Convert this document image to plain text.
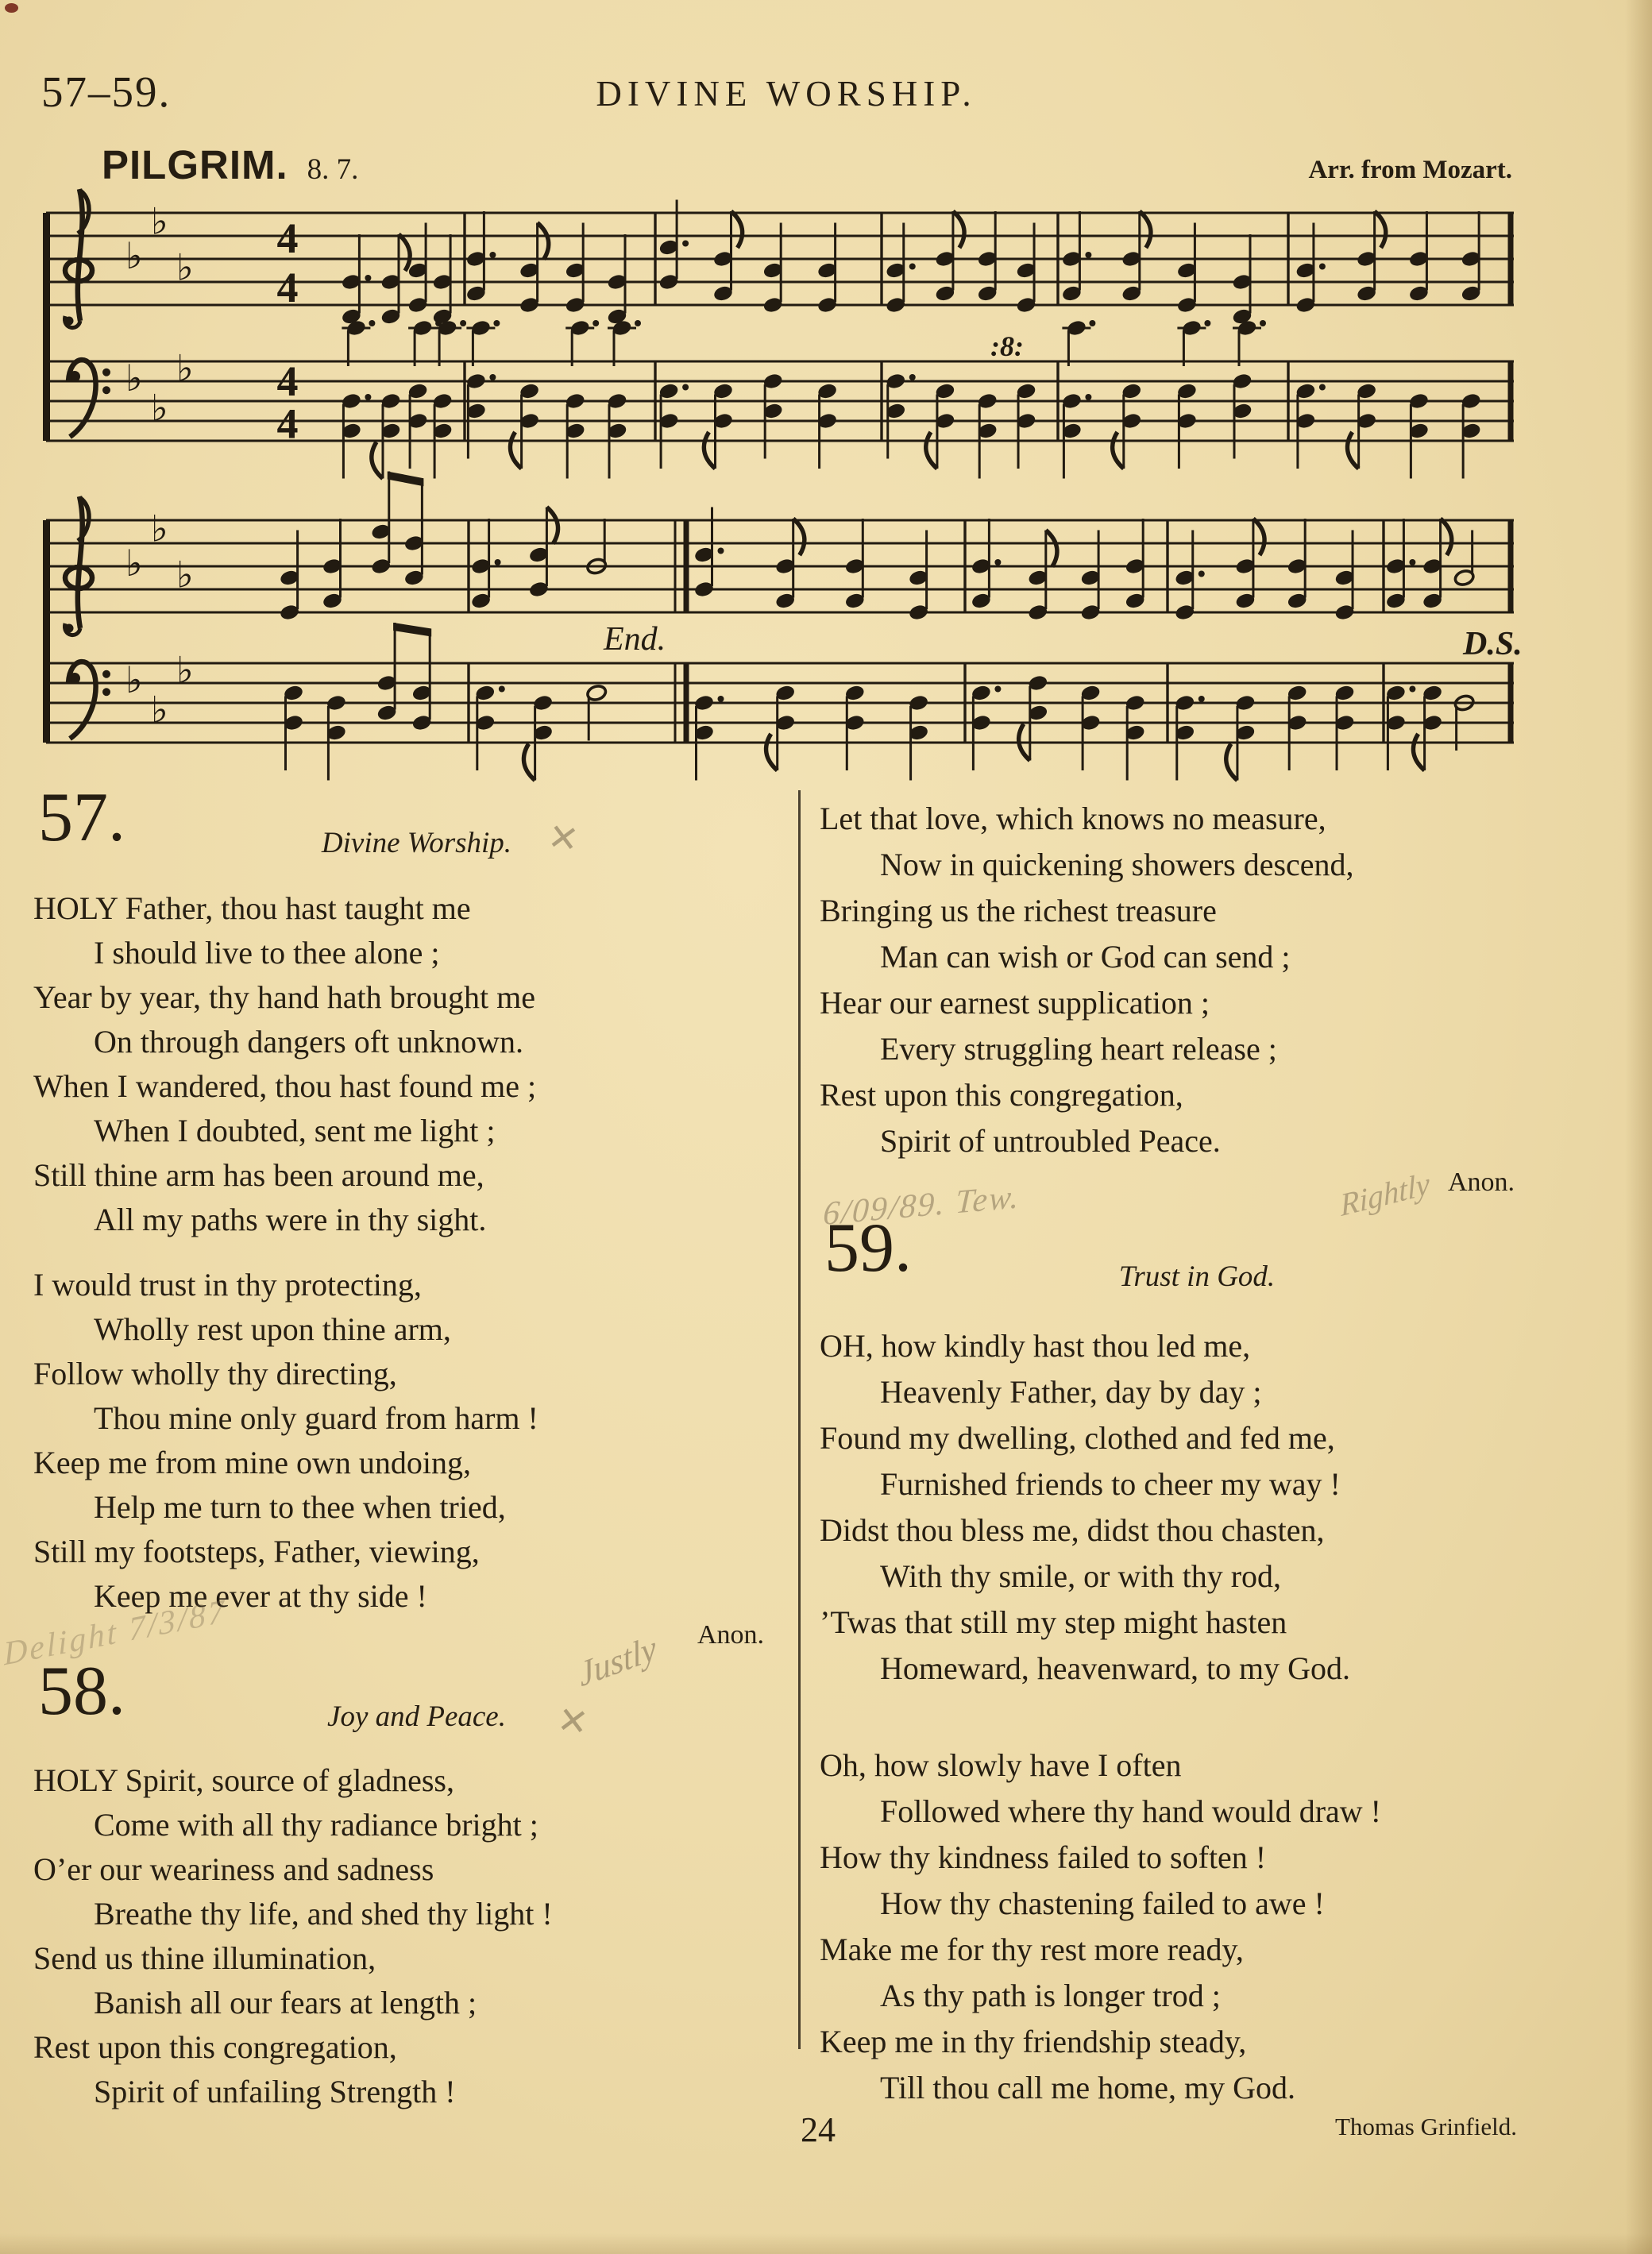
♭
♭
♭
♭
♭
♭
♭
♭
♭
♭
♭
♭
4
4
4
4
:8:
End.	D.S.
57–59.	DIVINE WORSHIP.
PILGRIM. 8. 7.	Arr. from Mozart.
57.	Divine Worship. ✕
HOLY Father, thou hast taught me
I should live to thee alone ;
Year by year, thy hand hath brought me
On through dangers oft unknown.
When I wandered, thou hast found me ;
When I doubted, sent me light ;
Still thine arm has been around me,
All my paths were in thy sight.
I would trust in thy protecting,
Wholly rest upon thine arm,
Follow wholly thy directing,
Thou mine only guard from harm !
Keep me from mine own undoing,
Help me turn to thee when tried,
Still my footsteps, Father, viewing,
Keep me ever at thy side !
Anon.
58.	Joy and Peace.	✕
HOLY Spirit, source of gladness,
Come with all thy radiance bright ;
O’er our weariness and sadness
Breathe thy life, and shed thy light !
Send us thine illumination,
Banish all our fears at length ;
Rest upon this congregation,
Spirit of unfailing Strength !
Let that love, which knows no measure,
Now in quickening showers descend,
Bringing us the richest treasure
Man can wish or God can send ;
Hear our earnest supplication ;
Every struggling heart release ;
Rest upon this congregation,
Spirit of untroubled Peace.
Anon.
59.	Trust in God.
OH, how kindly hast thou led me,
Heavenly Father, day by day ;
Found my dwelling, clothed and fed me,
Furnished friends to cheer my way !
Didst thou bless me, didst thou chasten,
With thy smile, or with thy rod,
’Twas that still my step might hasten
Homeward, heavenward, to my God.
Oh, how slowly have I often
Followed where thy hand would draw !
How thy kindness failed to soften !
How thy chastening failed to awe !
Make me for thy rest more ready,
As thy path is longer trod ;
Keep me in thy friendship steady,
Till thou call me home, my God.
Thomas Grinfield.
24
Delight 7/3/87	Justly
6/09/89. Tew.	Rightly
